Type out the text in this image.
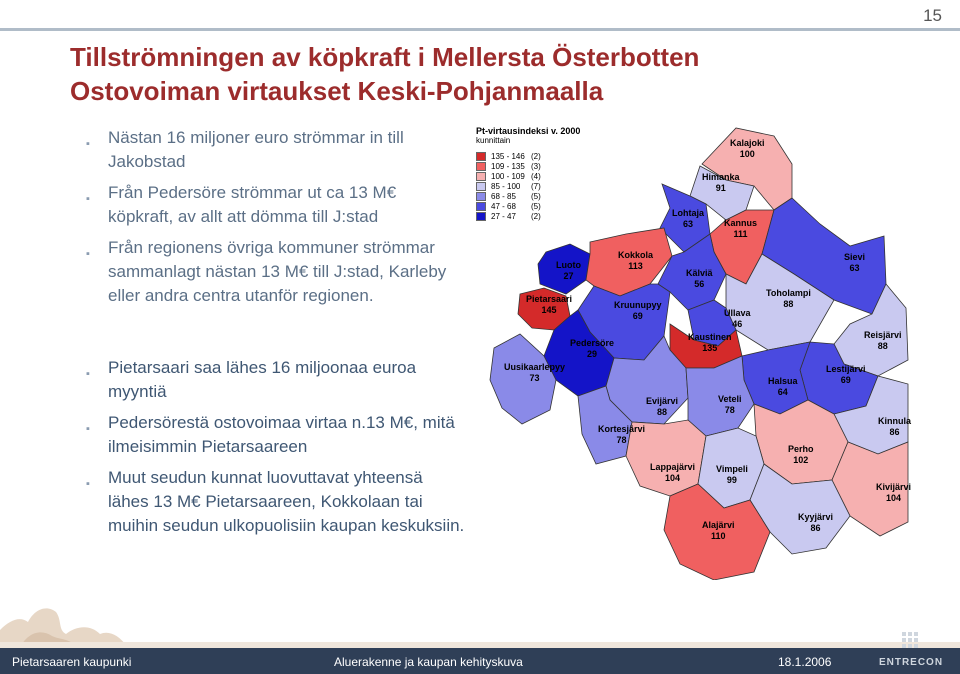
15
Tillströmningen av köpkraft i Mellersta Österbotten
Ostovoiman virtaukset Keski-Pohjanmaalla
▪ Nästan 16 miljoner euro strömmar in till Jakobstad
▪ Från Pedersöre strömmar ut ca 13 M€ köpkraft, av allt att dömma till J:stad
▪ Från regionens övriga kommuner strömmar sammanlagt nästan 13 M€ till J:stad, Karleby eller andra centra utanför regionen.
▪ Pietarsaari saa lähes 16 miljoonaa euroa myyntiä
▪ Pedersörestä ostovoimaa virtaa n.13 M€, mitä ilmeisimmin Pietarsaareen
▪ Muut seudun kunnat luovuttavat yhteensä lähes 13 M€ Pietarsaareen, Kokkolaan tai muihin seudun ulkopuolisiin kaupan keskuksiin.
Kalajoki
100
Himanka
91
Lohtaja
63	Kannus
111
Sievi
63
Luoto
27
Kokkola
113
Kälviä
56
Toholampi
88
Pietarsaari
145	Kruunupyy
69	Ullava
46
Kaustinen
135
Reisjärvi
88
Pedersöre
29
Uusikaarlepyy
73
Lestijärvi
69
Halsua
64
Evijärvi
88
Veteli
78
Kortesjärvi
78
Kinnula
86
Perho
102
Lappajärvi
104
Vimpeli
99
Kivijärvi
104
Kyyjärvi
86
Alajärvi
110
Pt-virtausindeksi v. 2000
kunnittain
135 - 146 (2)
109 - 135 (3)
100 - 109 (4)
85 - 100	(7)
68 - 85	(5)
47 - 68	(5)
27 - 47	(2)
Pietarsaaren kaupunki	Aluerakenne ja kaupan kehityskuva	18.1.2006	ENTRECON
